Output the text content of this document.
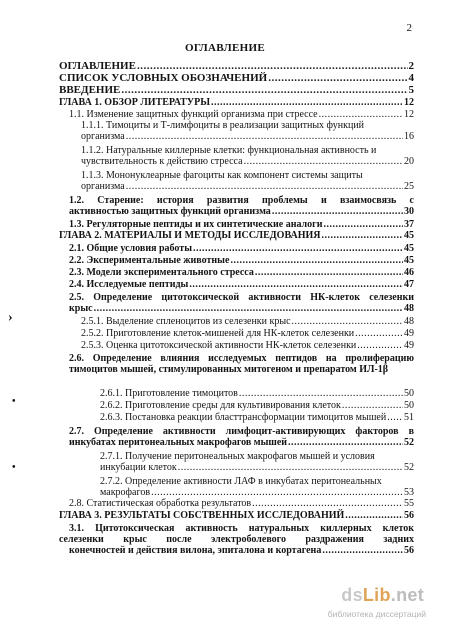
2
ОГЛАВЛЕНИЕ
ОГЛАВЛЕНИЕ .....	2
СПИСОК УСЛОВНЫХ ОБОЗНАЧЕНИЙ .....	4
ВВЕДЕНИЕ .....	5
ГЛАВА 1. ОБЗОР ЛИТЕРАТУРЫ .....	12
1.1. Изменение защитных функций организма при стрессе .....	12
1.1.1. Тимоциты и Т-лимфоциты в реализации защитных функций
организма .....	16
1.1.2. Натуральные киллерные клетки: функциональная активность и
чувствительность к действию стресса .....	20
1.1.3. Мононуклеарные фагоциты как компонент системы защиты
организма .....	25
1.2. Старение: история развития проблемы и взаимосвязь с
активностью защитных функций организма .....	30
1.3. Регуляторные пептиды и их синтетические аналоги .....	37
ГЛАВА 2. МАТЕРИАЛЫ И МЕТОДЫ ИССЛЕДОВАНИЯ .....	45
2.1. Общие условия работы .....	45
2.2. Экспериментальные животные .....	45
2.3. Модели экспериментального стресса .....	46
2.4. Исследуемые пептиды .....	47
2.5. Определение цитотоксической активности НК-клеток селезенки
крыс .....	48
2.5.1. Выделение спленоцитов из селезенки крыс .....	48
2.5.2. Приготовление клеток-мишеней для НК-клеток селезенки .....	49
2.5.3. Оценка цитотоксической активности НК-клеток селезенки .....	49
2.6. Определение влияния исследуемых пептидов на пролиферацию
тимоцитов мышей, стимулированных митогеном и препаратом ИЛ-1β
2.6.1. Приготовление тимоцитов .....	50
2.6.2. Приготовление среды для культивирования клеток .....	50
2.6.3. Постановка реакции бласттрансформации тимоцитов мышей ..... 51
2.7. Определение активности лимфоцит-активирующих факторов в
инкубатах перитонеальных макрофагов мышей .....	52
2.7.1. Получение перитонеальных макрофагов мышей и условия
инкубации клеток .....	52
2.7.2. Определение активности ЛАФ в инкубатах перитонеальных
макрофагов .....	53
2.8. Статистическая обработка результатов .....	55
ГЛАВА 3. РЕЗУЛЬТАТЫ СОБСТВЕННЫХ ИССЛЕДОВАНИЙ .....	56
3.1. Цитотоксическая активность натуральных киллерных клеток
селезенки крыс после электроболевого раздражения задних
конечностей и действия вилона, эпиталона и кортагена .....	56
›
•
•
dsLib.net
библиотека диссертаций
